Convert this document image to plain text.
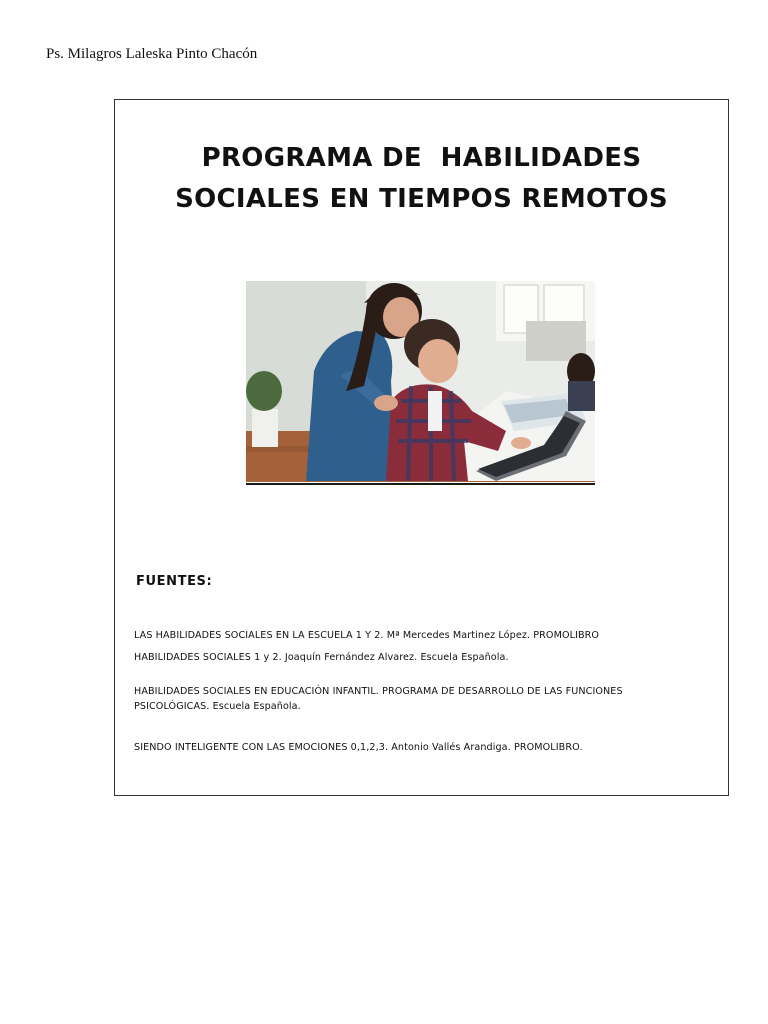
Ps. Milagros Laleska Pinto Chacón
PROGRAMA DE  HABILIDADES
SOCIALES EN TIEMPOS REMOTOS
FUENTES:
LAS HABILIDADES SOCIALES EN LA ESCUELA 1 Y 2. Mª Mercedes Martinez López. PROMOLIBRO
HABILIDADES SOCIALES 1 y 2. Joaquín Fernández Alvarez. Escuela Española.
HABILIDADES SOCIALES EN EDUCACIÓN INFANTIL. PROGRAMA DE DESARROLLO DE LAS FUNCIONES PSICOLÓGICAS. Escuela Española.
SIENDO INTELIGENTE CON LAS EMOCIONES 0,1,2,3. Antonio Vallés Arandiga. PROMOLIBRO.
